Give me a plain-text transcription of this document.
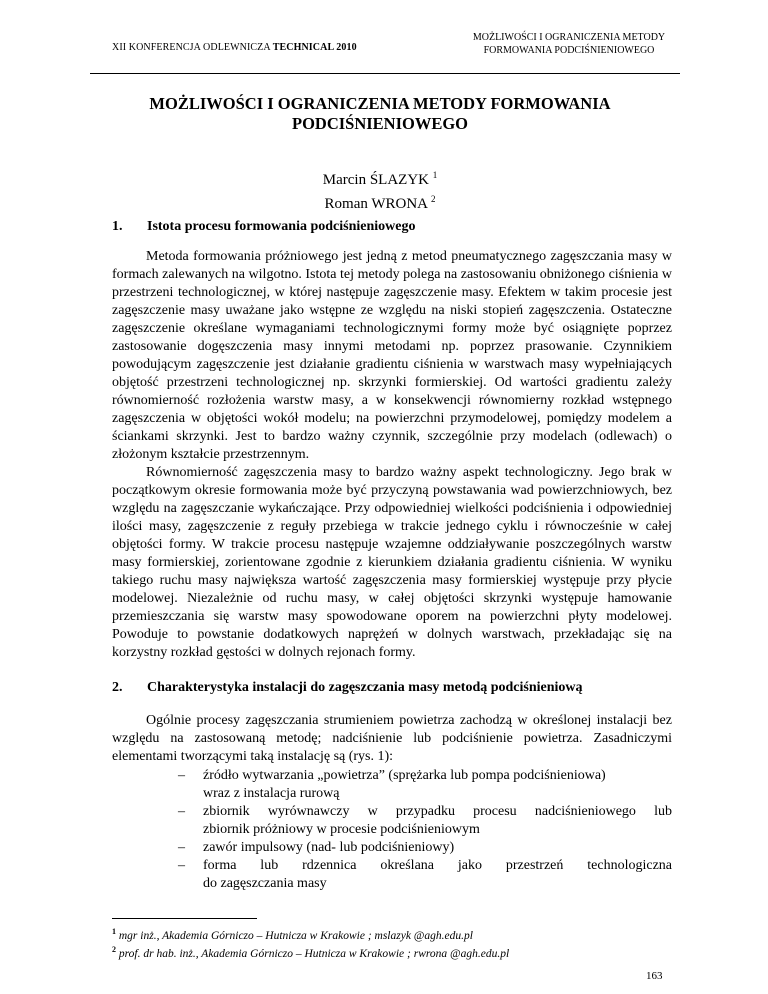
XII KONFERENCJA ODLEWNICZA TECHNICAL 2010
MOŻLIWOŚCI I OGRANICZENIA METODY
FORMOWANIA PODCIŚNIENIOWEGO
MOŻLIWOŚCI I OGRANICZENIA METODY FORMOWANIA
PODCIŚNIENIOWEGO
Marcin ŚLAZYK $^1$
Roman WRONA $^2$
1. Istota procesu formowania podciśnieniowego

Metoda formowania próżniowego jest jedną z metod pneumatycznego zagęszczania masy w formach zalewanych na wilgotno. Istota tej metody polega na zastosowaniu obniżonego ciśnienia w przestrzeni technologicznej, w której następuje zagęszczenie masy. Efektem w takim procesie jest zagęszczenie masy uważane jako wstępne ze względu na niski stopień zagęszczenia. Ostateczne zagęszczenie określane wymaganiami technologicznymi formy może być osiągnięte poprzez zastosowanie dogęszczenia masy innymi metodami np. poprzez prasowanie. Czynnikiem powodującym zagęszczenie jest działanie gradientu ciśnienia w warstwach masy wypełniających objętość przestrzeni technologicznej np. skrzynki formierskiej. Od wartości gradientu zależy równomierność rozłożenia warstw masy, a w konsekwencji równomierny rozkład wstępnego zagęszczenia w objętości wokół modelu; na powierzchni przymodelowej, pomiędzy modelem a ściankami skrzynki. Jest to bardzo ważny czynnik, szczególnie przy modelach (odlewach) o złożonym kształcie przestrzennym.

Równomierność zagęszczenia masy to bardzo ważny aspekt technologiczny. Jego brak w początkowym okresie formowania może być przyczyną powstawania wad powierzchniowych, bez względu na zagęszczanie wykańczające. Przy odpowiedniej wielkości podciśnienia i odpowiedniej ilości masy, zagęszczenie z reguły przebiega w trakcie jednego cyklu i równocześnie w całej objętości formy. W trakcie procesu następuje wzajemne oddziaływanie poszczególnych warstw masy formierskiej, zorientowane zgodnie z kierunkiem działania gradientu ciśnienia. W wyniku takiego ruchu masy największa wartość zagęszczenia masy formierskiej występuje przy płycie modelowej. Niezależnie od ruchu masy, w całej objętości skrzynki występuje hamowanie przemieszczania się warstw masy spowodowane oporem na powierzchni płyty modelowej. Powoduje to powstanie dodatkowych naprężeń w dolnych warstwach, przekładając się na korzystny rozkład gęstości w dolnych rejonach formy.

2. Charakterystyka instalacji do zagęszczania masy metodą podciśnieniową

Ogólnie procesy zagęszczania strumieniem powietrza zachodzą w określonej instalacji bez względu na zastosowaną metodę; nadciśnienie lub podciśnienie powietrza. Zasadniczymi elementami tworzącymi taką instalację są (rys. 1):

– źródło wytwarzania „powietrza” (sprężarka lub pompa podciśnieniowa)
wraz z instalacja rurową
– zbiornik wyrównawczy w przypadku procesu nadciśnieniowego lub
zbiornik próżniowy w procesie podciśnieniowym
– zawór impulsowy (nad- lub podciśnieniowy)
– forma lub rdzennica określana jako przestrzeń technologiczna
do zagęszczania masy
$^1$ mgr inż., Akademia Górniczo – Hutnicza w Krakowie ; mslazyk @agh.edu.pl
$^2$ prof. dr hab. inż., Akademia Górniczo – Hutnicza w Krakowie ; rwrona @agh.edu.pl
163
